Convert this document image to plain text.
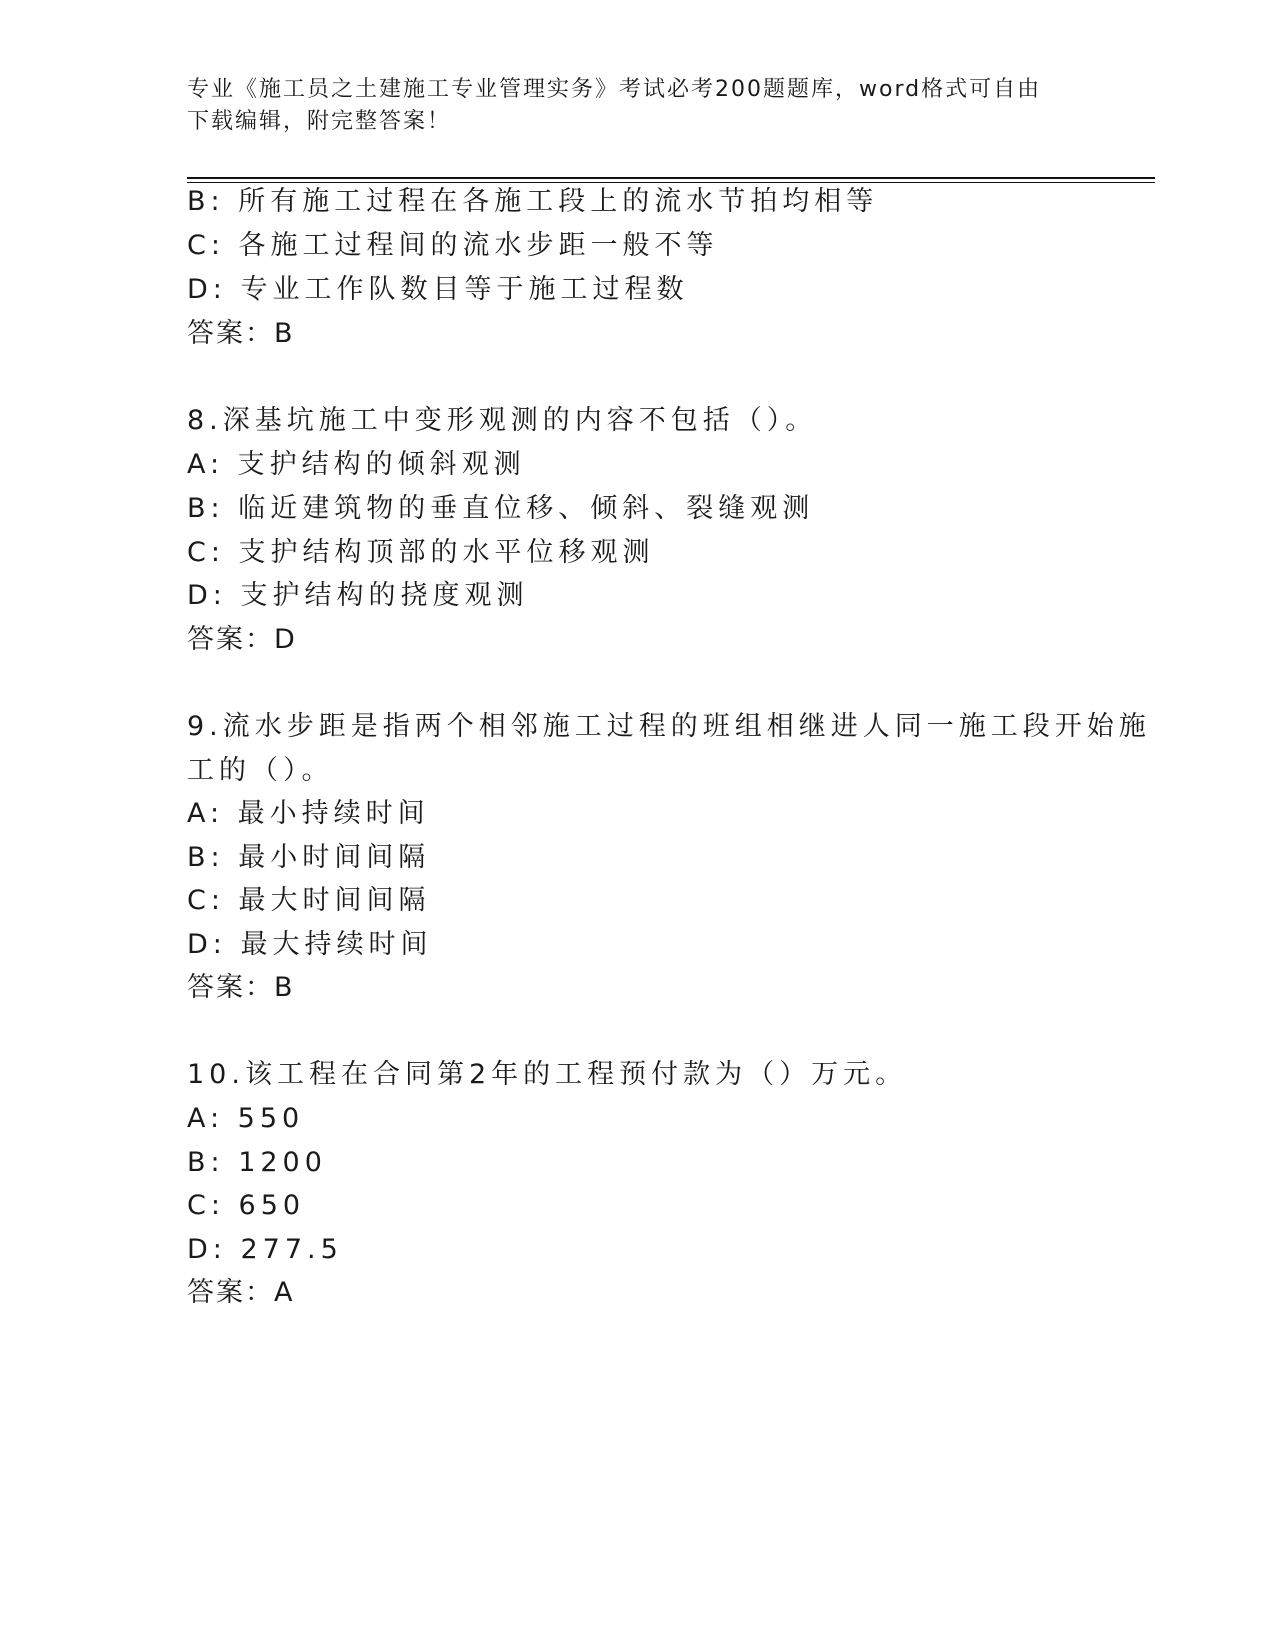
专业《施工员之土建施工专业管理实务》考试必考200题题库，word格式可自由
下载编辑，附完整答案！
B: 所有施工过程在各施工段上的流水节拍均相等
C: 各施工过程间的流水步距一般不等
D: 专业工作队数目等于施工过程数
答案：B
8.深基坑施工中变形观测的内容不包括（）。
A: 支护结构的倾斜观测
B: 临近建筑物的垂直位移、倾斜、裂缝观测
C: 支护结构顶部的水平位移观测
D: 支护结构的挠度观测
答案：D
9.流水步距是指两个相邻施工过程的班组相继进人同一施工段开始施
工的（）。
A: 最小持续时间
B: 最小时间间隔
C: 最大时间间隔
D: 最大持续时间
答案：B
10.该工程在合同第2年的工程预付款为（）万元。
A: 550
B: 1200
C: 650
D: 277.5
答案：A
